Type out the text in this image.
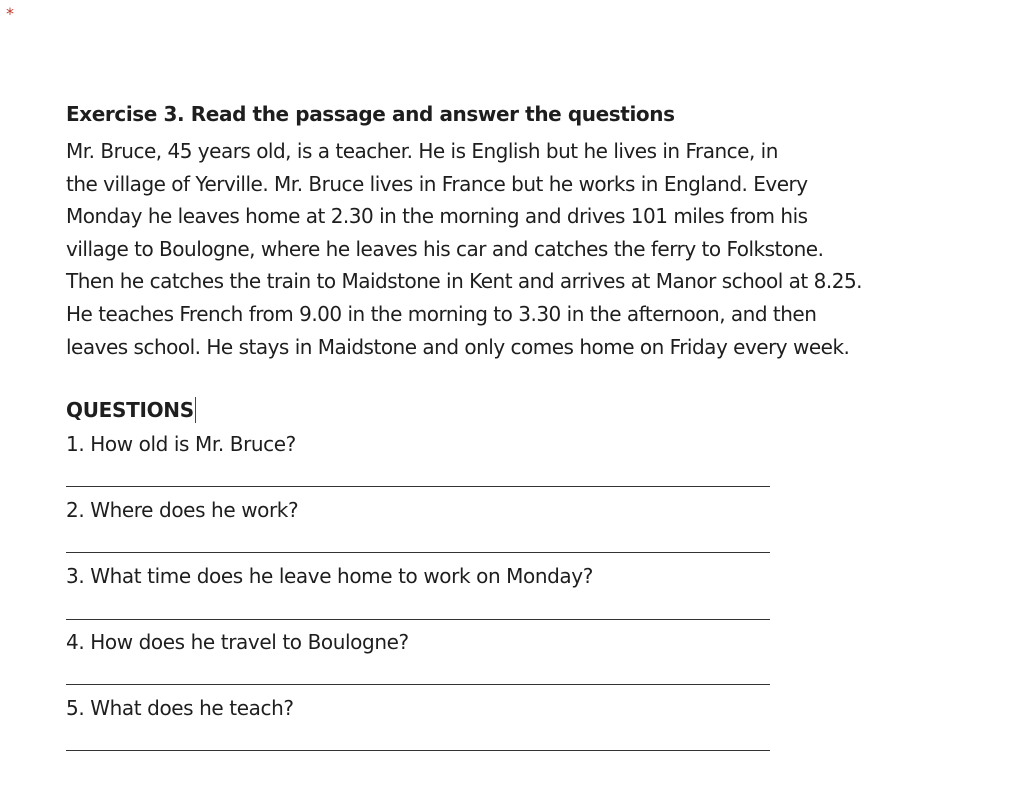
*
Exercise 3. Read the passage and answer the questions
Mr. Bruce, 45 years old, is a teacher. He is English but he lives in France, in
the village of Yerville. Mr. Bruce lives in France but he works in England. Every
Monday he leaves home at 2.30 in the morning and drives 101 miles from his
village to Boulogne, where he leaves his car and catches the ferry to Folkstone.
Then he catches the train to Maidstone in Kent and arrives at Manor school at 8.25.
He teaches French from 9.00 in the morning to 3.30 in the afternoon, and then
leaves school. He stays in Maidstone and only comes home on Friday every week.
QUESTIONS
1. How old is Mr. Bruce?
2. Where does he work?
3. What time does he leave home to work on Monday?
4. How does he travel to Boulogne?
5. What does he teach?
